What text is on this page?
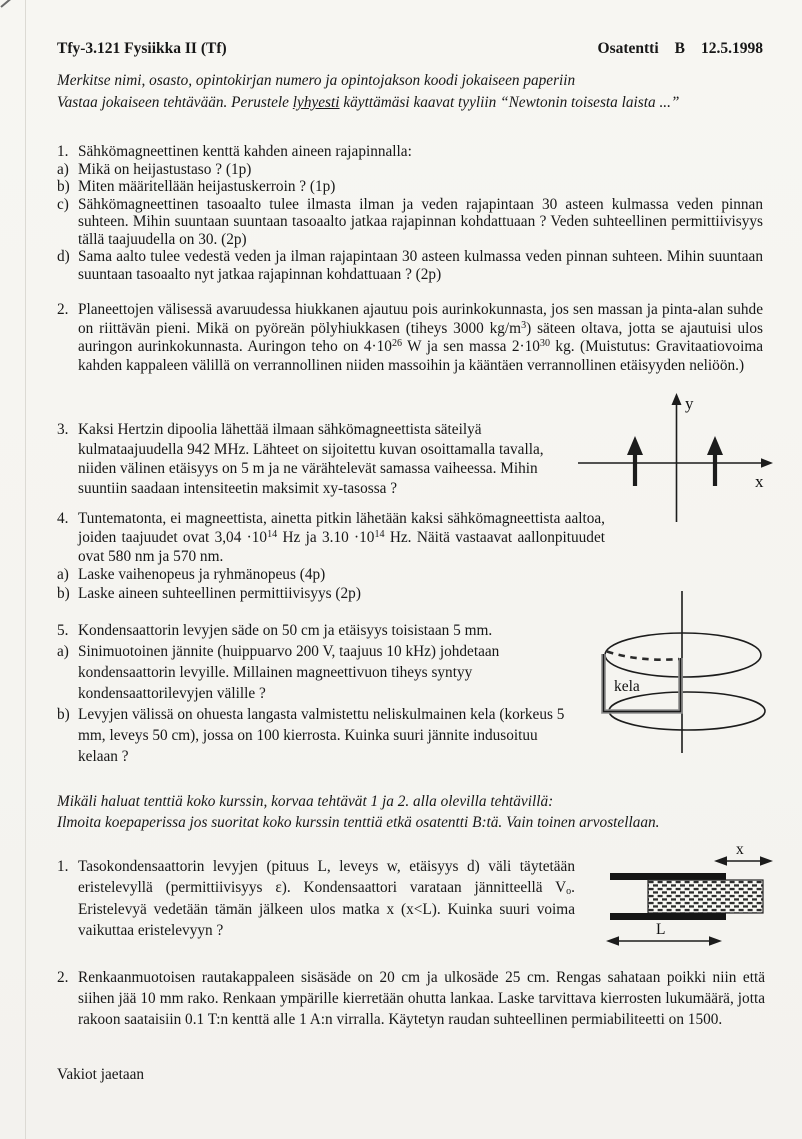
Tfy-3.121 Fysiikka II (Tf)	Osatentti B 12.5.1998
Merkitse nimi, osasto, opintokirjan numero ja opintojakson koodi jokaiseen paperiin
Vastaa jokaiseen tehtävään. Perustele lyhyesti käyttämäsi kaavat tyyliin “Newtonin toisesta laista ...”
1. Sähkömagneettinen kenttä kahden aineen rajapinnalla:
a) Mikä on heijastustaso ? (1p)
b) Miten määritellään heijastuskerroin ? (1p)
c) Sähkömagneettinen tasoaalto tulee ilmasta ilman ja veden rajapintaan 30 asteen kulmassa veden pinnan suhteen. Mihin suuntaan suuntaan tasoaalto jatkaa rajapinnan kohdattuaan ? Veden suhteellinen permittiivisyys tällä taajuudella on 30. (2p)
d) Sama aalto tulee vedestä veden ja ilman rajapintaan 30 asteen kulmassa veden pinnan suhteen. Mihin suuntaan suuntaan tasoaalto nyt jatkaa rajapinnan kohdattuaan ? (2p)
2. Planeettojen välisessä avaruudessa hiukkanen ajautuu pois aurinkokunnasta, jos sen massan ja pinta-alan suhde on riittävän pieni. Mikä on pyöreän pölyhiukkasen (tiheys 3000 $kg/m^3$) säteen oltava, jotta se ajautuisi ulos auringon aurinkokunnasta. Auringon teho on $4\cdot 10^{26}$ W ja sen massa $2\cdot 10^{30}$ kg. (Muistutus: Gravitaatiovoima kahden kappaleen välillä on verrannollinen niiden massoihin ja kääntäen verrannollinen etäisyyden neliöön.)
3. Kaksi Hertzin dipoolia lähettää ilmaan sähkömagneettista säteilyä kulmataajuudella 942 MHz. Lähteet on sijoitettu kuvan osoittamalla tavalla, niiden välinen etäisyys on 5 m ja ne värähtelevät samassa vaiheessa. Mihin suuntiin saadaan intensiteetin maksimit xy-tasossa ?
y
x
4. Tuntematonta, ei magneettista, ainetta pitkin lähetään kaksi sähkömagneettista aaltoa, joiden taajuudet ovat $3,04 \cdot 10^{14}$ Hz ja $3.10 \cdot 10^{14}$ Hz. Näitä vastaavat aallonpituudet ovat 580 nm ja 570 nm.
a) Laske vaihenopeus ja ryhmänopeus (4p)
b) Laske aineen suhteellinen permittiivisyys (2p)
5. Kondensaattorin levyjen säde on 50 cm ja etäisyys toisistaan 5 mm.
a) Sinimuotoinen jännite (huippuarvo 200 V, taajuus 10 kHz) johdetaan kondensaattorin levyille. Millainen magneettivuon tiheys syntyy kondensaattorilevyjen välille ?
b) Levyjen välissä on ohuesta langasta valmistettu neliskulmainen kela (korkeus 5 mm, leveys 50 cm), jossa on 100 kierrosta. Kuinka suuri jännite indusoituu kelaan ?
kela
Mikäli haluat tenttiä koko kurssin, korvaa tehtävät 1 ja 2. alla olevilla tehtävillä:
Ilmoita koepaperissa jos suoritat koko kurssin tenttiä etkä osatentti B:tä. Vain toinen arvostellaan.
1. Tasokondensaattorin levyjen (pituus L, leveys w, etäisyys d) väli täytetään eristelevyllä (permittiivisyys ε). Kondensaattori varataan jännitteellä Vo. Eristelevyä vedetään tämän jälkeen ulos matka x (x<L). Kuinka suuri voima vaikuttaa eristelevyyn ?
x
L
2. Renkaanmuotoisen rautakappaleen sisäsäde on 20 cm ja ulkosäde 25 cm. Rengas sahataan poikki niin että siihen jää 10 mm rako. Renkaan ympärille kierretään ohutta lankaa. Laske tarvittava kierrosten lukumäärä, jotta rakoon saataisiin 0.1 T:n kenttä alle 1 A:n virralla. Käytetyn raudan suhteellinen permiabiliteetti on 1500.
Vakiot jaetaan
